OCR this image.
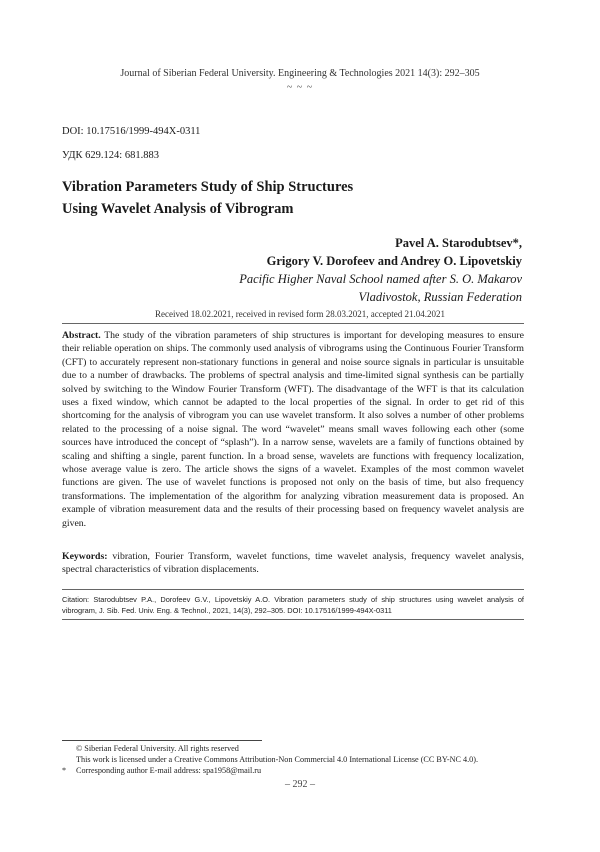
Journal of Siberian Federal University. Engineering & Technologies 2021 14(3): 292–305
~ ~ ~
DOI: 10.17516/1999-494X-0311
УДК 629.124: 681.883
Vibration Parameters Study of Ship Structures
Using Wavelet Analysis of Vibrogram
Pavel A. Starodubtsev*,
Grigory V. Dorofeev and Andrey O. Lipovetskiy
Pacific Higher Naval School named after S. O. Makarov
Vladivostok, Russian Federation
Received 18.02.2021, received in revised form 28.03.2021, accepted 21.04.2021
Abstract. The study of the vibration parameters of ship structures is important for developing measures to ensure their reliable operation on ships. The commonly used analysis of vibrograms using the Continuous Fourier Transform (CFT) to accurately represent non-stationary functions in general and noise source signals in particular is unsuitable due to a number of drawbacks. The problems of spectral analysis and time-limited signal synthesis can be partially solved by switching to the Window Fourier Transform (WFT). The disadvantage of the WFT is that its calculation uses a fixed window, which cannot be adapted to the local properties of the signal. In order to get rid of this shortcoming for the analysis of vibrogram you can use wavelet transform. It also solves a number of other problems related to the processing of a noise signal. The word “wavelet” means small waves following each other (some sources have introduced the concept of “splash”). In a narrow sense, wavelets are a family of functions obtained by scaling and shifting a single, parent function. In a broad sense, wavelets are functions with frequency localization, whose average value is zero. The article shows the signs of a wavelet. Examples of the most common wavelet functions are given. The use of wavelet functions is proposed not only on the basis of time, but also frequency transformations. The implementation of the algorithm for analyzing vibration measurement data is proposed. An example of vibration measurement data and the results of their processing based on frequency wavelet analysis are given.
Keywords: vibration, Fourier Transform, wavelet functions, time wavelet analysis, frequency wavelet analysis, spectral characteristics of vibration displacements.
Citation: Starodubtsev P.A., Dorofeev G.V., Lipovetskiy A.O. Vibration parameters study of ship structures using wavelet analysis of vibrogram, J. Sib. Fed. Univ. Eng. & Technol., 2021, 14(3), 292–305. DOI: 10.17516/1999-494X-0311
© Siberian Federal University. All rights reserved
This work is licensed under a Creative Commons Attribution-Non Commercial 4.0 International License (CC BY-NC 4.0).
* Corresponding author E-mail address: spa1958@mail.ru
– 292 –
